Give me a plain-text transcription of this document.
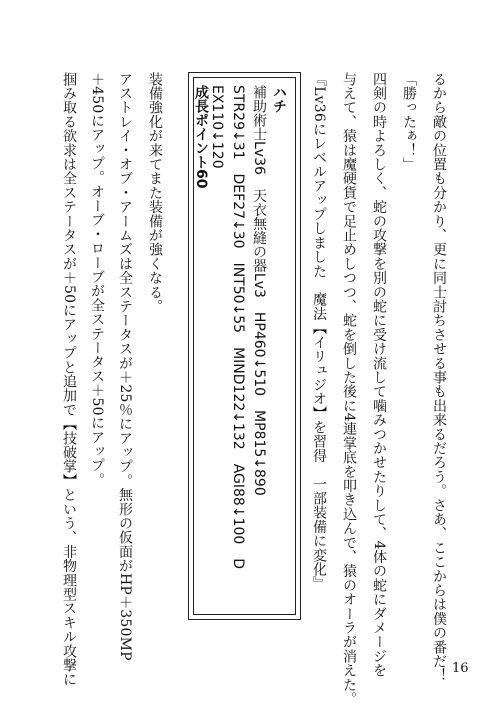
るから敵の位置も分かり、更に同士討ちさせる事も出来るだろう。さあ、ここからは僕の番だ！
「勝ったぁ！」
四剣の時よろしく、蛇の攻撃を別の蛇に受け流して噛みつかせたりして、4体の蛇にダメージを
与えて、猿は魔硬貨で足止めしつつ、蛇を倒した後に4連掌底を叩き込んで、猿のオーラが消えた。
『Lv36にレベルアップしました　魔法【イリュジオ】を習得　一部装備に変化』
ハチ
補助術士Lv36　天衣無縫の器Lv3　HP460↓510　MP815↓890
STR29↓31　DEF27↓30　INT50↓55　MIND122↓132　AGI88↓100　D
EX110↓120
成長ポイント60
装備強化が来てまた装備が強くなる。
アストレイ・オブ・アームズは全ステータスが＋25％にアップ。無形の仮面がHP＋350MP
＋450にアップ。オーブ・ローブが全ステータス＋50にアップ。
掴み取る欲求は全ステータスが＋50にアップと追加で【技破掌】という、非物理型スキル攻撃に	16
